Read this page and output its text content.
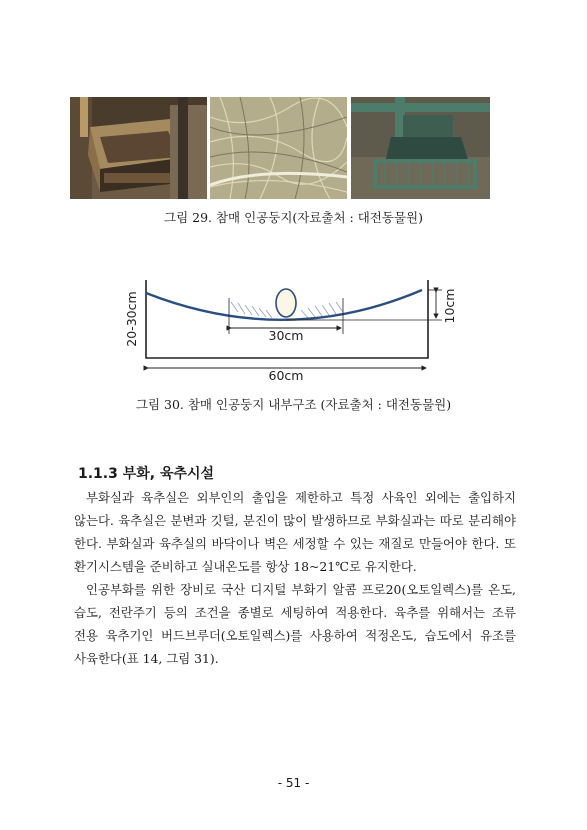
그림 29. 참매 인공둥지(자료출처 : 대전동물원)
30cm
60cm
20-30cm	10cm
그림 30. 참매 인공둥지 내부구조 (자료출처 : 대전동물원)
1.1.3 부화, 육추시설

부화실과 육추실은 외부인의 출입을 제한하고 특정 사육인 외에는 출입하지 않는다. 육추실은 분변과 깃털, 분진이 많이 발생하므로 부화실과는 따로 분리해야 한다. 부화실과 육추실의 바닥이나 벽은 세정할 수 있는 재질로 만들어야 한다. 또 환기시스템을 준비하고 실내온도를 항상 18~21℃로 유지한다.

인공부화를 위한 장비로 국산 디지털 부화기 알콤 프로20(오토일렉스)를 온도, 습도, 전란주기 등의 조건을 종별로 세팅하여 적용한다. 육추를 위해서는 조류 전용 육추기인 버드브루더(오토일렉스)를 사용하여 적정온도, 습도에서 유조를 사육한다(표 14, 그림 31).

- 51 -
